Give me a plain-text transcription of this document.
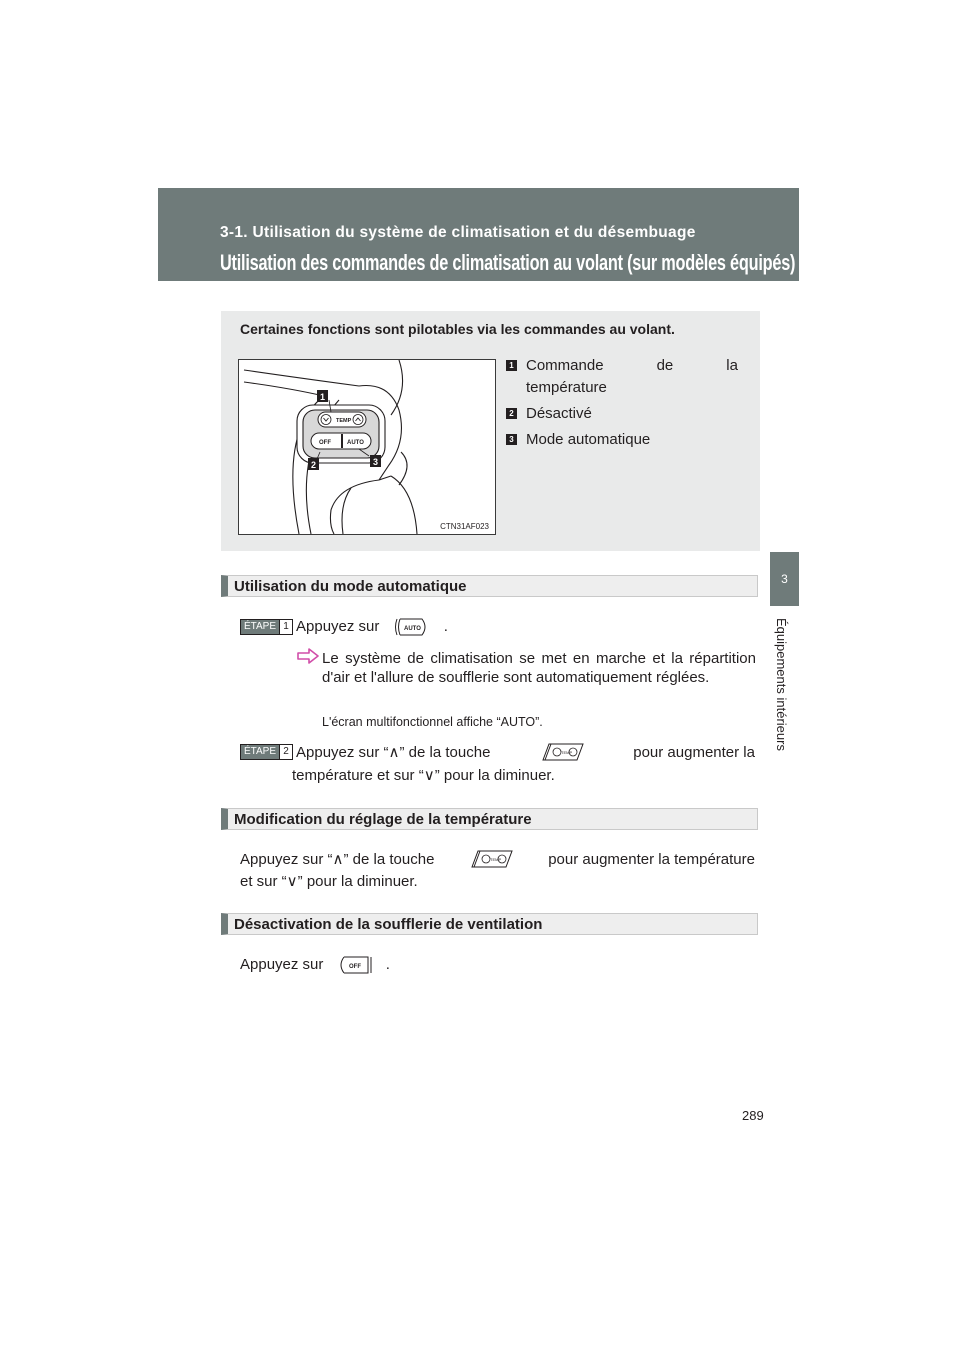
3-1. Utilisation du système de climatisation et du désembuage
Utilisation des commandes de climatisation au volant (sur modèles équipés)
3
Équipements intérieurs
Certaines fonctions sont pilotables via les commandes au volant.
TEMP
OFF	AUTO
1
2	3
CTN31AF023
1 Commande	de	la
température
2 Désactivé
3 Mode automatique
Utilisation du mode automatique
ÉTAPE 1 Appuyez sur	AUTO .
Le système de climatisation se met en marche et la répartition d'air et l'allure de soufflerie sont automatiquement réglées.
L'écran multifonctionnel affiche “AUTO”.
ÉTAPE 2 Appuyez sur “∧” de la touche	TEMP	pour augmenter la
température et sur “∨” pour la diminuer.
Modification du réglage de la température
Appuyez sur “∧” de la touche	TEMP	pour augmenter la température
et sur “∨” pour la diminuer.
Désactivation de la soufflerie de ventilation
Appuyez sur	OFF .
289
